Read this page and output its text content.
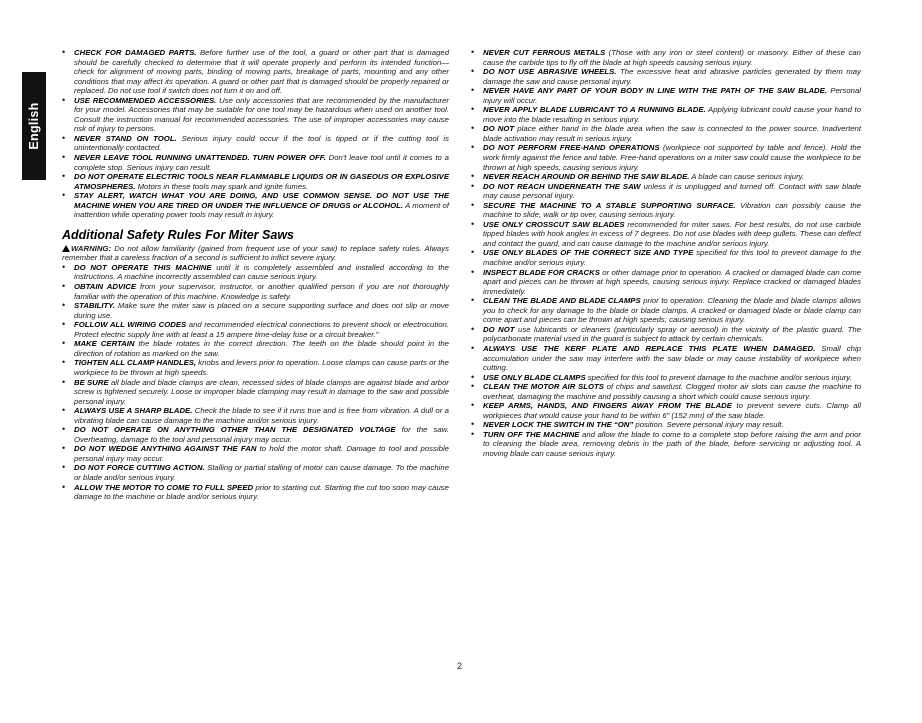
English

• CHECK FOR DAMAGED PARTS. Before further use of the tool, a guard or other part that is damaged should be carefully checked to determine that it will operate properly and perform its intended function—check for alignment of moving parts, binding of moving parts, breakage of parts, mounting and any other conditions that may affect its operation. A guard or other part that is damaged should be properly repaired or replaced. Do not use tool if switch does not turn it on and off.

• USE RECOMMENDED ACCESSORIES. Use only accessories that are recommended by the manufacturer for your model. Accessories that may be suitable for one tool may be hazardous when used on another tool. Consult the instruction manual for recommended accessories. The use of improper accessories may cause risk of injury to persons.

• NEVER STAND ON TOOL. Serious injury could occur if the tool is tipped or if the cutting tool is unintentionally contacted.

• NEVER LEAVE TOOL RUNNING UNATTENDED. TURN POWER OFF. Don't leave tool until it comes to a complete stop. Serious injury can result.

• DO NOT OPERATE ELECTRIC TOOLS NEAR FLAMMABLE LIQUIDS OR IN GASEOUS OR EXPLOSIVE ATMOSPHERES. Motors in these tools may spark and ignite fumes.

• STAY ALERT, WATCH WHAT YOU ARE DOING, AND USE COMMON SENSE. DO NOT USE THE MACHINE WHEN YOU ARE TIRED OR UNDER THE INFLUENCE OF DRUGS or ALCOHOL. A moment of inattention while operating power tools may result in injury.

Additional Safety Rules For Miter Saws

WARNING: Do not allow familiarity (gained from frequent use of your saw) to replace safety rules. Always remember that a careless fraction of a second is sufficient to inflict severe injury.

• DO NOT OPERATE THIS MACHINE until it is completely assembled and installed according to the instructions. A machine incorrectly assembled can cause serious injury.

• OBTAIN ADVICE from your supervisor, instructor, or another qualified person if you are not thoroughly familiar with the operation of this machine. Knowledge is safety.

• STABILITY. Make sure the miter saw is placed on a secure supporting surface and does not slip or move during use.

• FOLLOW ALL WIRING CODES and recommended electrical connections to prevent shock or electrocution. Protect electric supply line with at least a 15 ampere time-delay fuse or a circuit breaker."

• MAKE CERTAIN the blade rotates in the correct direction. The teeth on the blade should point in the direction of rotation as marked on the saw.

• TIGHTEN ALL CLAMP HANDLES, knobs and levers prior to operation. Loose clamps can cause parts or the workpiece to be thrown at high speeds.

• BE SURE all blade and blade clamps are clean, recessed sides of blade clamps are against blade and arbor screw is tightened securely. Loose or improper blade clamping may result in damage to the saw and possible personal injury.

• ALWAYS USE A SHARP BLADE. Check the blade to see if it runs true and is free from vibration. A dull or a vibrating blade can cause damage to the machine and/or serious injury.

• DO NOT OPERATE ON ANYTHING OTHER THAN THE DESIGNATED VOLTAGE for the saw. Overheating, damage to the tool and personal injury may occur.

• DO NOT WEDGE ANYTHING AGAINST THE FAN to hold the motor shaft. Damage to tool and possible personal injury may occur.

• DO NOT FORCE CUTTING ACTION. Stalling or partial stalling of motor can cause damage. To the machine or blade and/or serious injury.

• ALLOW THE MOTOR TO COME TO FULL SPEED prior to starting cut. Starting the cut too soon may cause damage to the machine or blade and/or serious injury.

• NEVER CUT FERROUS METALS (Those with any iron or steel content) or masonry. Either of these can cause the carbide tips to fly off the blade at high speeds causing serious injury.

• DO NOT USE ABRASIVE WHEELS. The excessive heat and abrasive particles generated by them may damage the saw and cause personal injury.

• NEVER HAVE ANY PART OF YOUR BODY IN LINE WITH THE PATH OF THE SAW BLADE. Personal injury will occur.

• NEVER APPLY BLADE LUBRICANT TO A RUNNING BLADE. Applying lubricant could cause your hand to move into the blade resulting in serious injury.

• DO NOT place either hand in the blade area when the saw is connected to the power source. Inadvertent blade activation may result in serious injury.

• DO NOT PERFORM FREE-HAND OPERATIONS (workpiece not supported by table and fence). Hold the work firmly against the fence and table. Free-hand operations on a miter saw could cause the workpiece to be thrown at high speeds, causing serious injury.

• NEVER REACH AROUND OR BEHIND THE SAW BLADE. A blade can cause serious injury.

• DO NOT REACH UNDERNEATH THE SAW unless it is unplugged and turned off. Contact with saw blade may cause personal injury.

• SECURE THE MACHINE TO A STABLE SUPPORTING SURFACE. Vibration can possibly cause the machine to slide, walk or tip over, causing serious injury.

• USE ONLY CROSSCUT SAW BLADES recommended for miter saws. For best results, do not use carbide tipped blades with hook angles in excess of 7 degrees. Do not use blades with deep gullets. These can deflect and contact the guard, and can cause damage to the machine and/or serious injury.

• USE ONLY BLADES OF THE CORRECT SIZE AND TYPE specified for this tool to prevent damage to the machine and/or serious injury.

• INSPECT BLADE FOR CRACKS or other damage prior to operation. A cracked or damaged blade can come apart and pieces can be thrown at high speeds, causing serious injury. Replace cracked or damaged blades immediately.

• CLEAN THE BLADE AND BLADE CLAMPS prior to operation. Cleaning the blade and blade clamps allows you to check for any damage to the blade or blade clamps. A cracked or damaged blade or blade clamp can come apart and pieces can be thrown at high speeds, causing serious injury.

• DO NOT use lubricants or cleaners (particularly spray or aerosol) in the vicinity of the plastic guard. The polycarbonate material used in the guard is subject to attack by certain chemicals.

• ALWAYS USE THE KERF PLATE AND REPLACE THIS PLATE WHEN DAMAGED. Small chip accumulation under the saw may interfere with the saw blade or may cause instability of workpiece when cutting.

• USE ONLY BLADE CLAMPS specified for this tool to prevent damage to the machine and/or serious injury.

• CLEAN THE MOTOR AIR SLOTS of chips and sawdust. Clogged motor air slots can cause the machine to overheat, damaging the machine and possibly causing a short which could cause serious injury.

• KEEP ARMS, HANDS, AND FINGERS AWAY FROM THE BLADE to prevent severe cuts. Clamp all workpieces that would cause your hand to be within 6" (152 mm) of the saw blade.

• NEVER LOCK THE SWITCH IN THE “ON” position. Severe personal injury may result.

• TURN OFF THE MACHINE and allow the blade to come to a complete stop before raising the arm and prior to cleaning the blade area, removing debris in the path of the blade, before servicing or adjusting tool. A moving blade can cause serious injury.

2
